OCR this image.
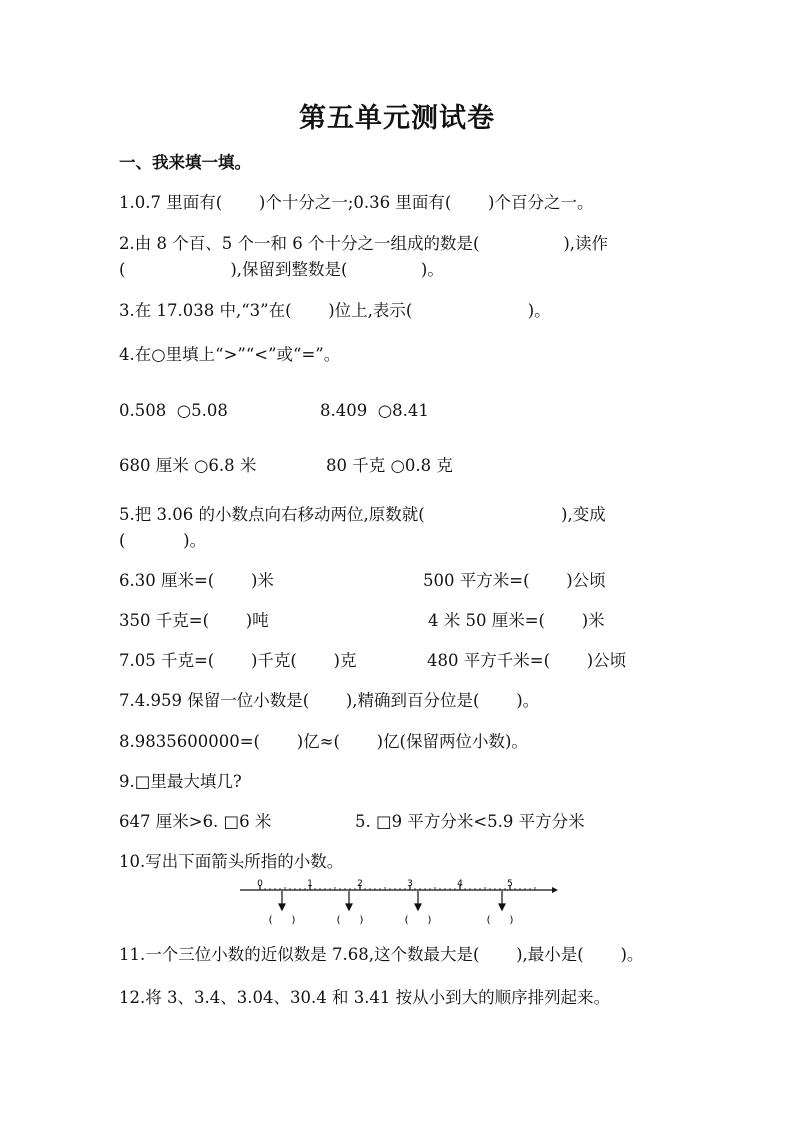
第五单元测试卷
一、我来填一填。
1.0.7 里面有(       )个十分之一;0.36 里面有(       )个百分之一。
2.由 8 个百、5 个一和 6 个十分之一组成的数是(                ),读作
(                    ),保留到整数是(              )。
3.在 17.038 中,“3”在(       )位上,表示(                      )。
4.在○里填上“>”“<”或“=”。
0.508  ○5.08	8.409  ○8.41
680 厘米 ○6.8 米	80 千克 ○0.8 克
5.把 3.06 的小数点向右移动两位,原数就(                          ),变成
(           )。
6.30 厘米=(       )米	500 平方米=(       )公顷
350 千克=(       )吨	4 米 50 厘米=(       )米
7.05 千克=(       )千克(       )克	480 平方千米=(       )公顷
7.4.959 保留一位小数是(       ),精确到百分位是(       )。
8.9835600000=(       )亿≈(       )亿(保留两位小数)。
9.□里最大填几?
647 厘米>6. □6 米	5. □9 平方分米<5.9 平方分米
10.写出下面箭头所指的小数。
0	1	2	3	4	5
(      )	(      )	(      )	(      )
11.一个三位小数的近似数是 7.68,这个数最大是(       ),最小是(       )。
12.将 3、3.4、3.04、30.4 和 3.41 按从小到大的顺序排列起来。
